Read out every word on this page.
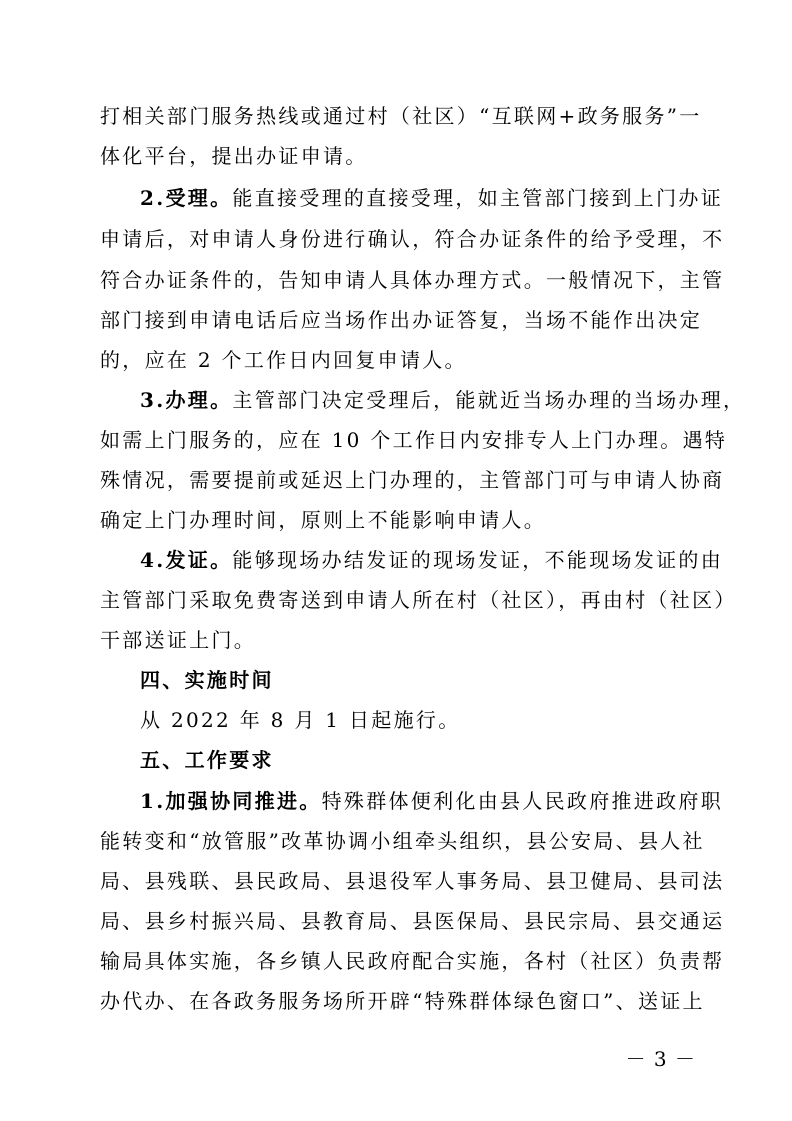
打相关部门服务热线或通过村（社区）“互联网+政务服务”一
体化平台，提出办证申请。
2.受理。能直接受理的直接受理，如主管部门接到上门办证
申请后，对申请人身份进行确认，符合办证条件的给予受理，不
符合办证条件的，告知申请人具体办理方式。一般情况下，主管
部门接到申请电话后应当场作出办证答复，当场不能作出决定
的，应在 2 个工作日内回复申请人。
3.办理。主管部门决定受理后，能就近当场办理的当场办理，
如需上门服务的，应在 10 个工作日内安排专人上门办理。遇特
殊情况，需要提前或延迟上门办理的，主管部门可与申请人协商
确定上门办理时间，原则上不能影响申请人。
4.发证。能够现场办结发证的现场发证，不能现场发证的由
主管部门采取免费寄送到申请人所在村（社区），再由村（社区）
干部送证上门。
四、实施时间
从 2022 年 8 月 1 日起施行。
五、工作要求
1.加强协同推进。特殊群体便利化由县人民政府推进政府职
能转变和“放管服”改革协调小组牵头组织，县公安局、县人社
局、县残联、县民政局、县退役军人事务局、县卫健局、县司法
局、县乡村振兴局、县教育局、县医保局、县民宗局、县交通运
输局具体实施，各乡镇人民政府配合实施，各村（社区）负责帮
办代办、在各政务服务场所开辟“特殊群体绿色窗口”、送证上
－ 3 －
